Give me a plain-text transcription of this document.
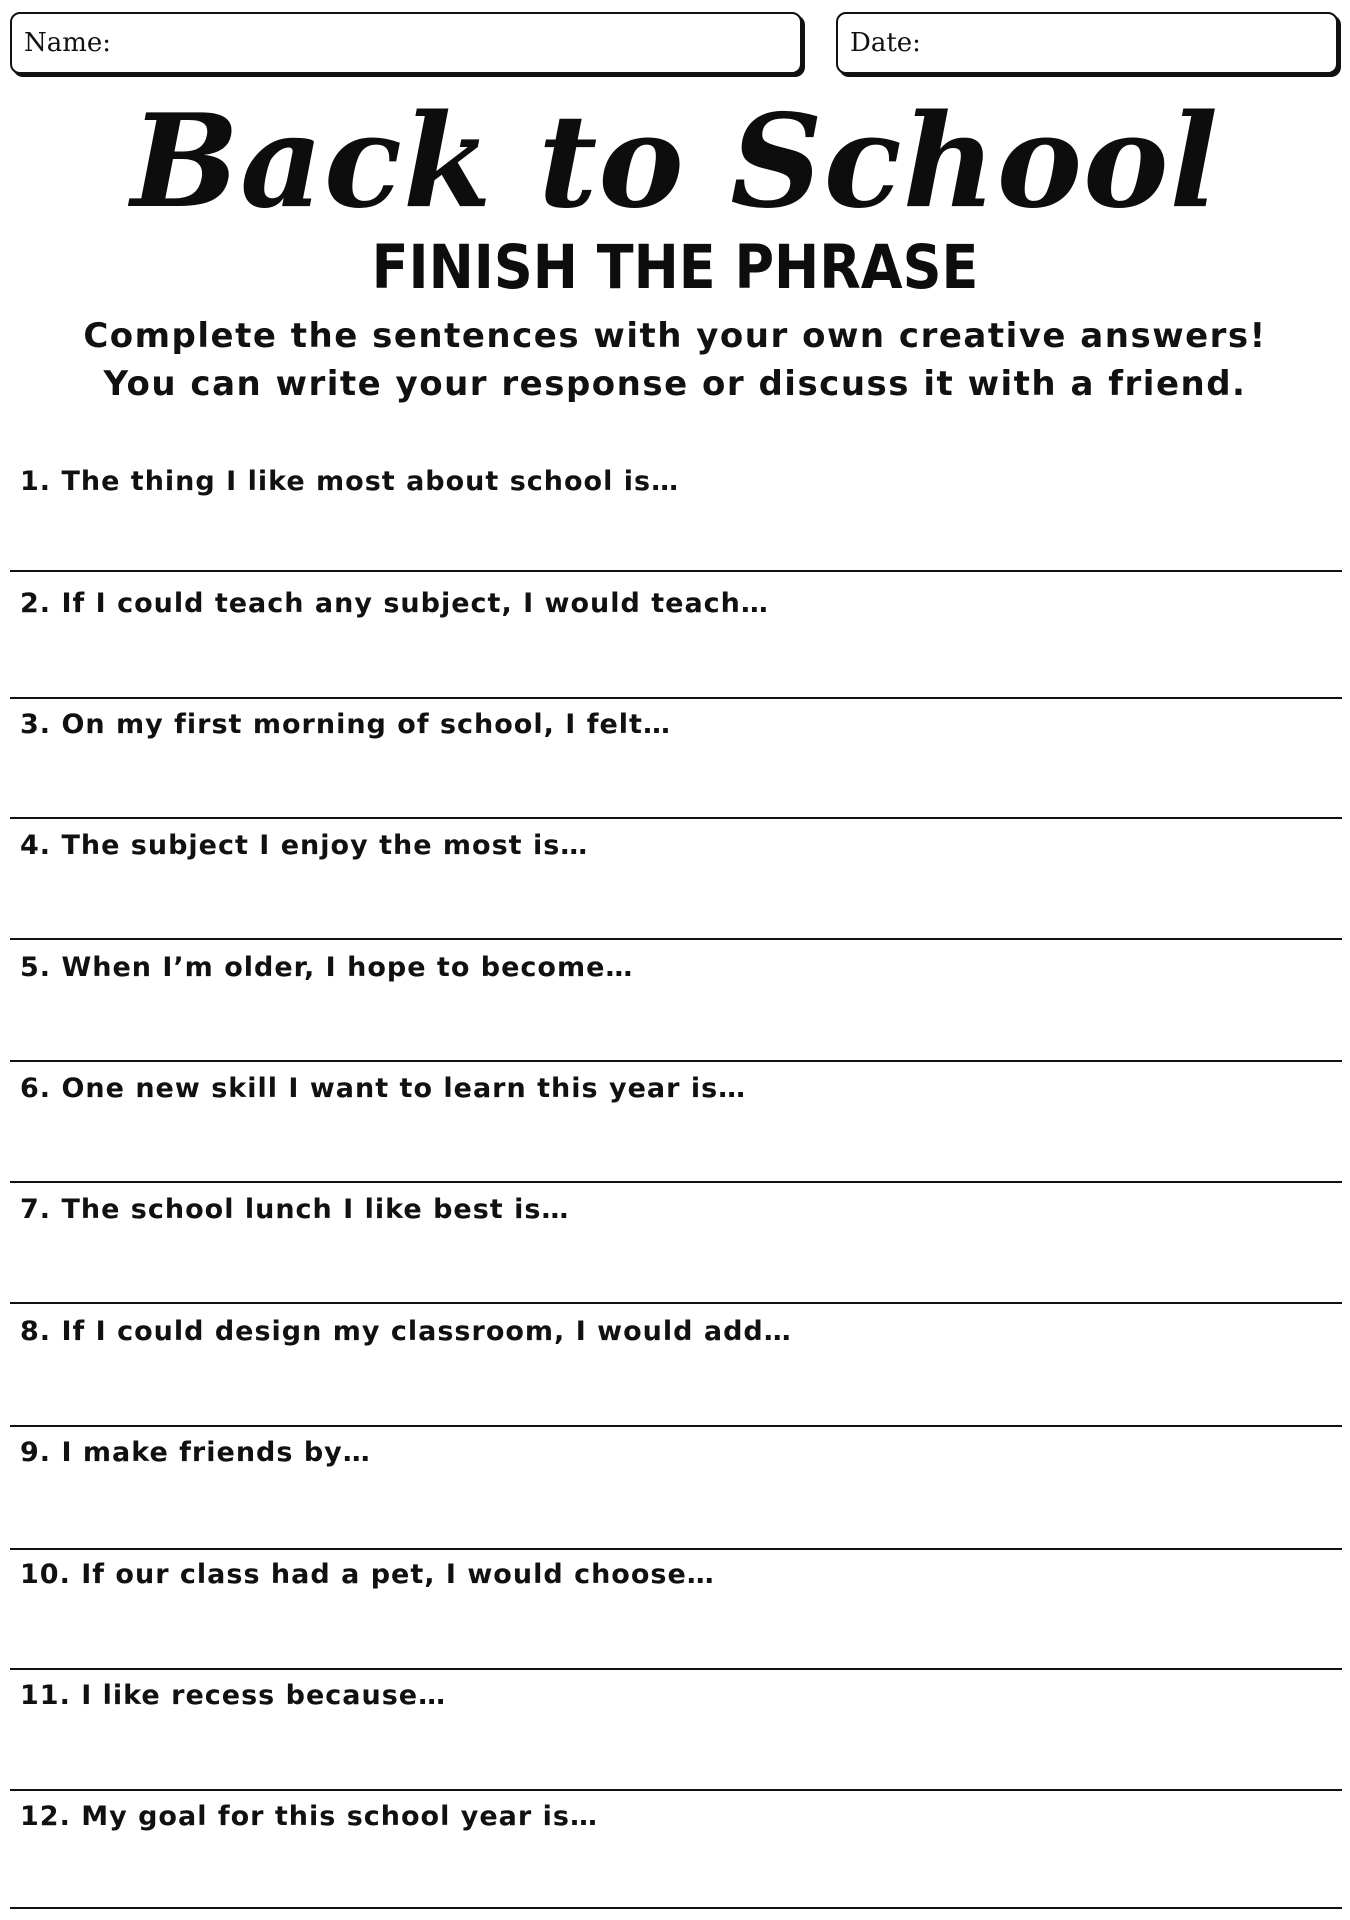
Name:	Date:
Back to School
FINISH THE PHRASE
Complete the sentences with your own creative answers!
You can write your response or discuss it with a friend.
1. The thing I like most about school is…
2. If I could teach any subject, I would teach…
3. On my first morning of school, I felt…
4. The subject I enjoy the most is…
5. When I’m older, I hope to become…
6. One new skill I want to learn this year is…
7. The school lunch I like best is…
8. If I could design my classroom, I would add…
9. I make friends by…
10. If our class had a pet, I would choose…
11. I like recess because…
12. My goal for this school year is…
